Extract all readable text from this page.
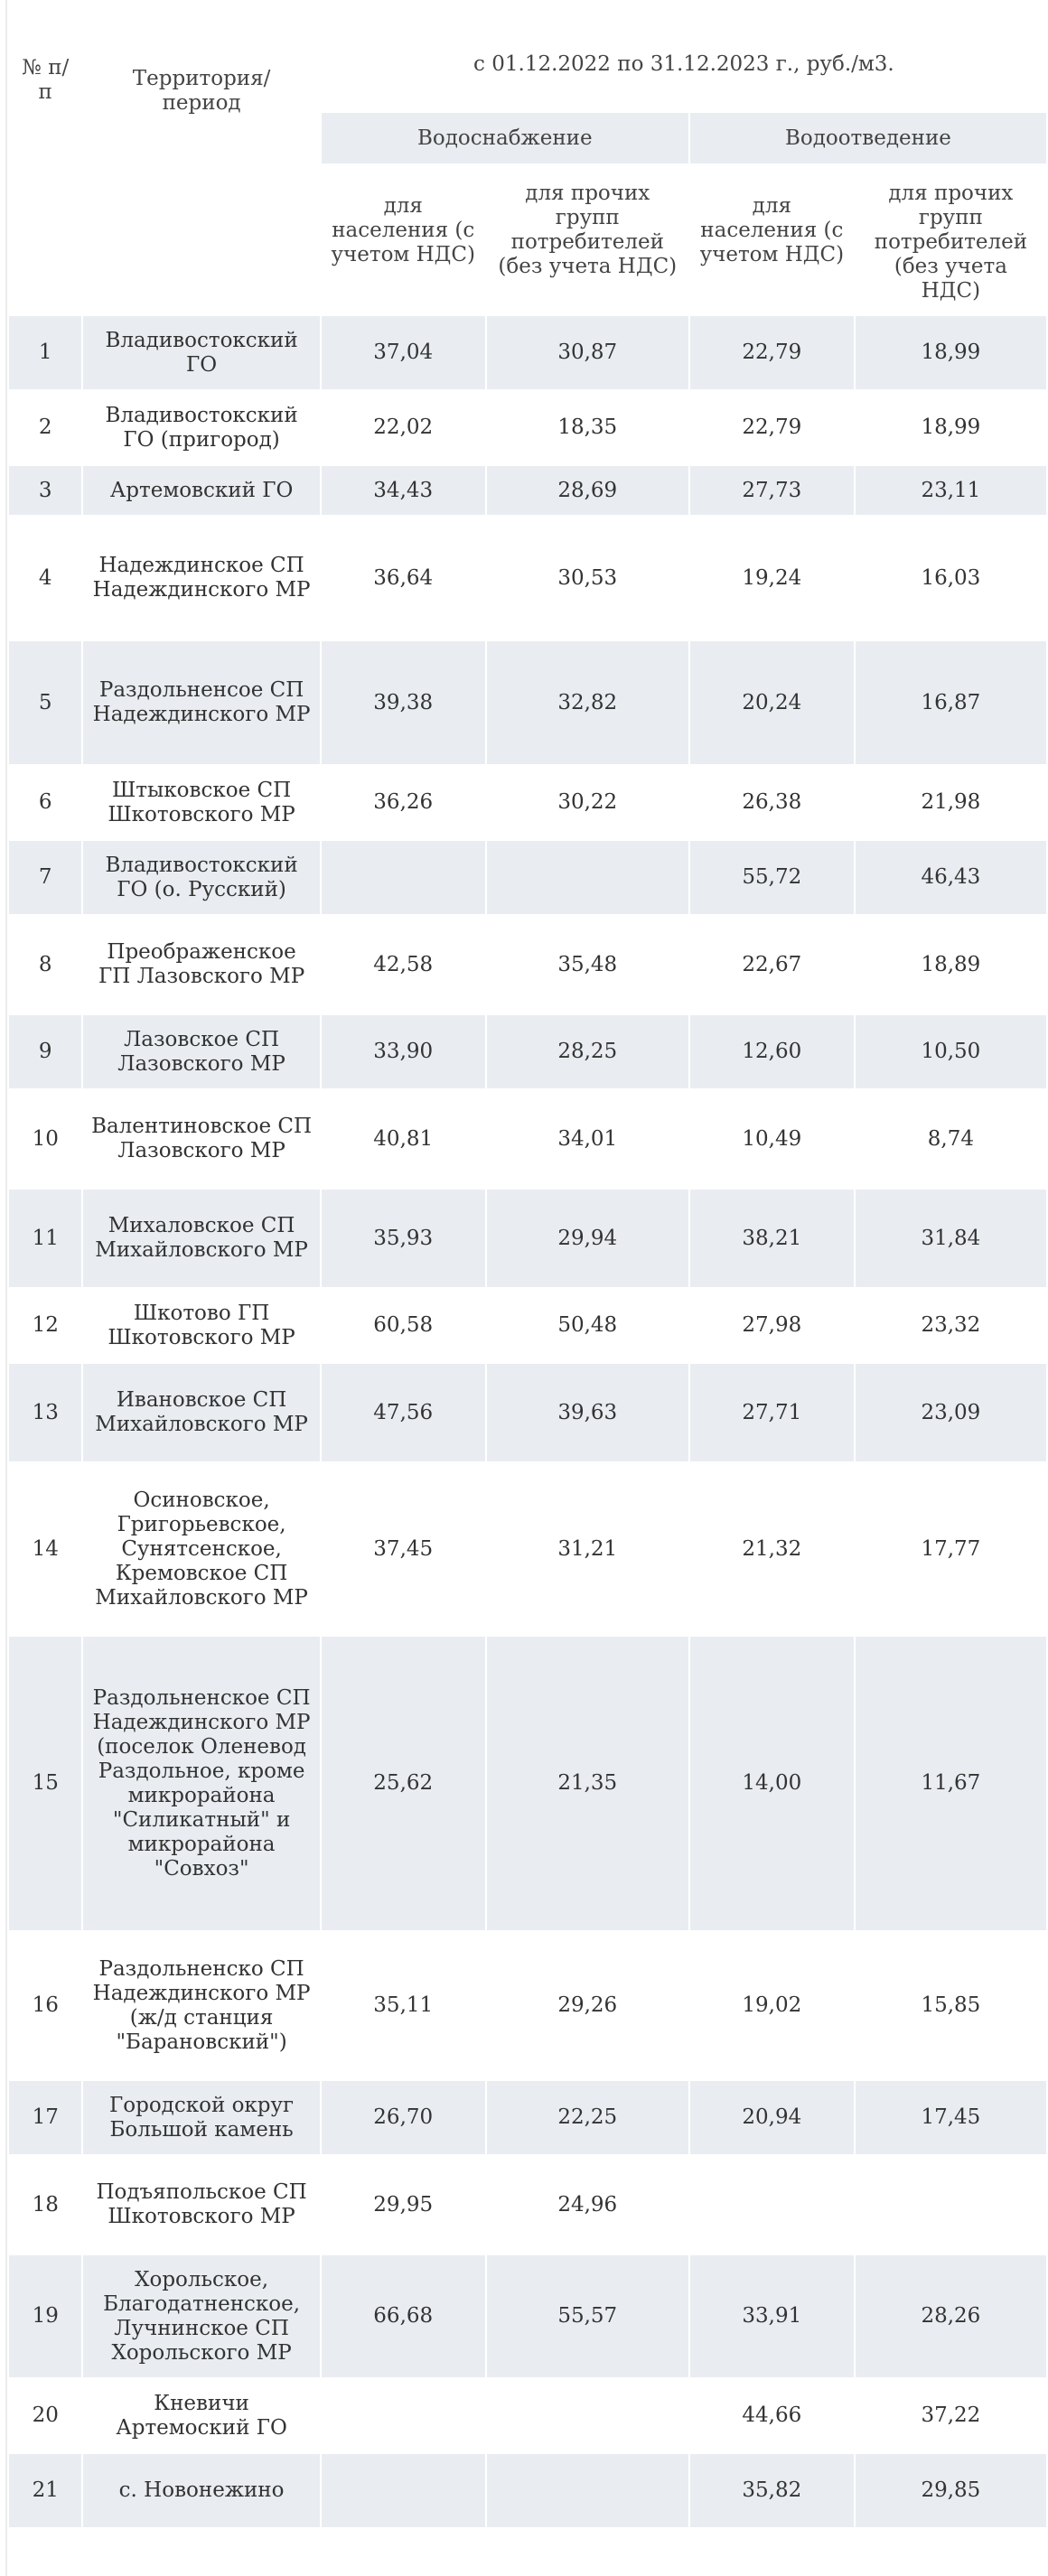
№ п/п	Территория/ период	с 01.12.2022 по 31.12.2023 г., руб./м3.			
		Водоснабжение		Водоотведение	
		для населения (с учетом НДС)	для прочих групп потребителей (без учета НДС)	для населения (с учетом НДС)	для прочих групп потребителей (без учета НДС)
1	Владивостокский ГО	37,04	30,87	22,79	18,99
2	Владивостокский ГО (пригород)	22,02	18,35	22,79	18,99
3	Артемовский ГО	34,43	28,69	27,73	23,11
4	Надеждинское СП Надеждинского МР	36,64	30,53	19,24	16,03
5	Раздольненсое СП Надеждинского МР	39,38	32,82	20,24	16,87
6	Штыковское СП Шкотовского МР	36,26	30,22	26,38	21,98
7	Владивостокский ГО (о. Русский)			55,72	46,43
8	Преображенское ГП Лазовского МР	42,58	35,48	22,67	18,89
9	Лазовское СП Лазовского МР	33,90	28,25	12,60	10,50
10	Валентиновское СП Лазовского МР	40,81	34,01	10,49	8,74
11	Михаловское СП Михайловского МР	35,93	29,94	38,21	31,84
12	Шкотово ГП Шкотовского МР	60,58	50,48	27,98	23,32
13	Ивановское СП Михайловского МР	47,56	39,63	27,71	23,09
14	Осиновское, Григорьевское, Сунятсенское, Кремовское СП Михайловского МР	37,45	31,21	21,32	17,77
15	Раздольненское СП Надеждинского МР (поселок Оленевод Раздольное, кроме микрорайона "Силикатный" и микрорайона "Совхоз"	25,62	21,35	14,00	11,67
16	Раздольненско СП Надеждинского МР (ж/д станция "Барановский")	35,11	29,26	19,02	15,85
17	Городской округ Большой камень	26,70	22,25	20,94	17,45
18	Подъяпольское СП Шкотовского МР	29,95	24,96		
19	Хорольское, Благодатненское, Лучнинское СП Хорольского МР	66,68	55,57	33,91	28,26
20	Кневичи Артемоский ГО			44,66	37,22
21	с. Новонежино			35,82	29,85
